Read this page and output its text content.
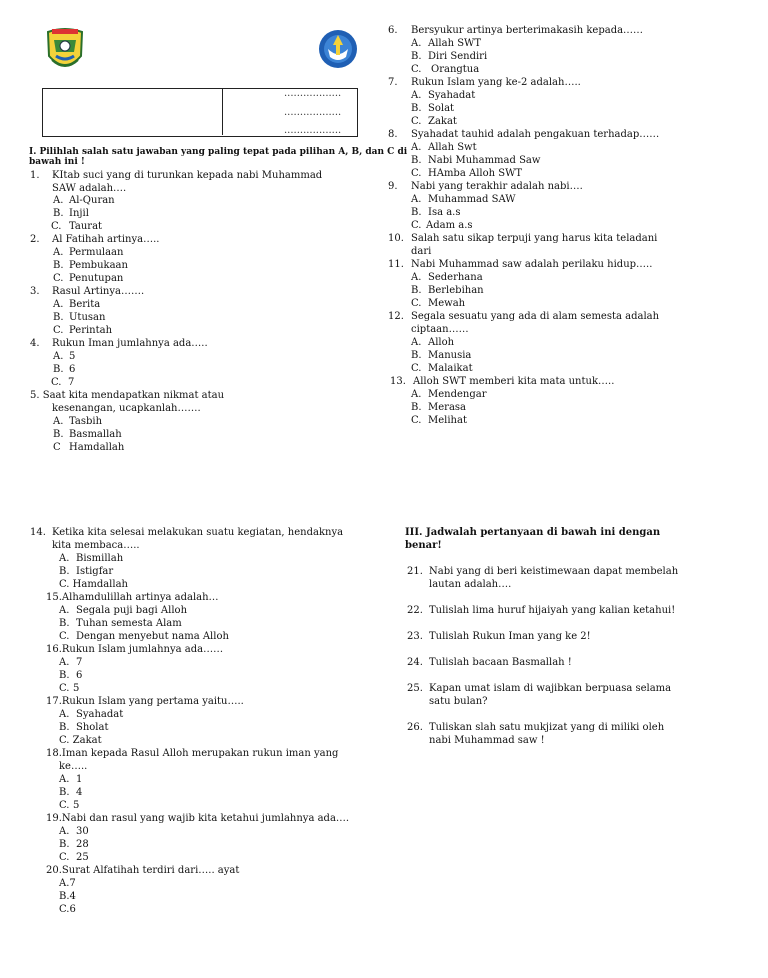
..................
..................
..................
I. Pilihlah salah satu jawaban yang paling tepat pada pilihan A, B, dan C di
bawah ini !
1. KItab suci yang di turunkan kepada nabi Muhammad
SAW adalah….
A. Al-Quran
B. Injil
C. Taurat
2. Al Fatihah artinya…..
A. Permulaan
B. Pembukaan
C. Penutupan
3. Rasul Artinya…….
A. Berita
B. Utusan
C. Perintah
4. Rukun Iman jumlahnya ada…..
A. 5
B. 6
C. 7
5. Saat kita mendapatkan nikmat atau
kesenangan, ucapkanlah…….
A. Tasbih
B. Basmallah
C Hamdallah
6. Bersyukur artinya berterimakasih kepada……
A. Allah SWT
B. Diri Sendiri
C. Orangtua
7. Rukun Islam yang ke-2 adalah…..
A. Syahadat
B. Solat
C. Zakat
8. Syahadat tauhid adalah pengakuan terhadap……
A. Allah Swt
B. Nabi Muhammad Saw
C. HAmba Alloh SWT
9. Nabi yang terakhir adalah nabi….
A. Muhammad SAW
B. Isa a.s
C. Adam a.s
10. Salah satu sikap terpuji yang harus kita teladani
dari
11. Nabi Muhammad saw adalah perilaku hidup…..
A. Sederhana
B. Berlebihan
C. Mewah
12. Segala sesuatu yang ada di alam semesta adalah
ciptaan……
A. Alloh
B. Manusia
C. Malaikat
13. Alloh SWT memberi kita mata untuk…..
A. Mendengar
B. Merasa
C. Melihat
14. Ketika kita selesai melakukan suatu kegiatan, hendaknya
kita membaca…..
A. Bismillah
B. Istigfar
C. Hamdallah
15.Alhamdulillah artinya adalah…
A. Segala puji bagi Alloh
B. Tuhan semesta Alam
C. Dengan menyebut nama Alloh
16.Rukun Islam jumlahnya ada……
A. 7
B. 6
C. 5
17.Rukun Islam yang pertama yaitu…..
A. Syahadat
B. Sholat
C. Zakat
18.Iman kepada Rasul Alloh merupakan rukun iman yang
ke…..
A. 1
B. 4
C. 5
19.Nabi dan rasul yang wajib kita ketahui jumlahnya ada….
A. 30
B. 28
C. 25
20.Surat Alfatihah terdiri dari….. ayat
A.7
B.4
C.6
III. Jadwalah pertanyaan di bawah ini dengan
benar!
21. Nabi yang di beri keistimewaan dapat membelah
lautan adalah….
22. Tulislah lima huruf hijaiyah yang kalian ketahui!
23. Tulislah Rukun Iman yang ke 2!
24. Tulislah bacaan Basmallah !
25. Kapan umat islam di wajibkan berpuasa selama
satu bulan?
26. Tuliskan slah satu mukjizat yang di miliki oleh
nabi Muhammad saw !
